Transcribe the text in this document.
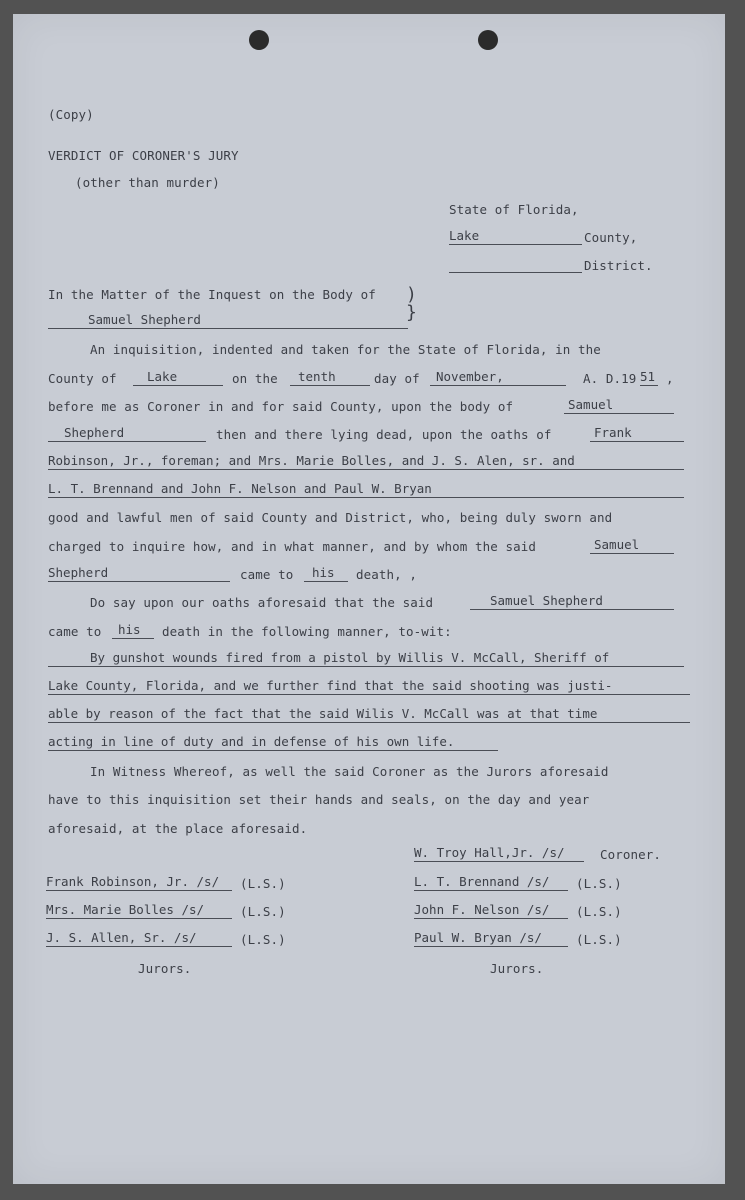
(Copy)
VERDICT OF CORONER'S JURY
(other than murder)
State of Florida,
Lake	County,
District.
In the Matter of the Inquest on the Body of
Samuel Shepherd
)
}
An inquisition, indented and taken for the State of Florida, in the
County of	Lake	on the	tenth	day of	November,	A. D.19 51 ,
before me as Coroner in and for said County, upon the body of	Samuel
Shepherd	then and there lying dead, upon the oaths of	Frank
Robinson, Jr., foreman; and Mrs. Marie Bolles, and J. S. Alen, sr. and
L. T. Brennand and John F. Nelson and Paul W. Bryan
good and lawful men of said County and District, who, being duly sworn and
charged to inquire how, and in what manner, and by whom the said	Samuel
Shepherd	came to	his	death, ,
Do say upon our oaths aforesaid that the said	Samuel Shepherd
came to	his	death in the following manner, to-wit:
By gunshot wounds fired from a pistol by Willis V. McCall, Sheriff of
Lake County, Florida, and we further find that the said shooting was justi-
able by reason of the fact that the said Wilis V. McCall was at that time
acting in line of duty and in defense of his own life.
In Witness Whereof, as well the said Coroner as the Jurors aforesaid
have to this inquisition set their hands and seals, on the day and year
aforesaid, at the place aforesaid.
W. Troy Hall,Jr. /s/	Coroner.
Frank Robinson, Jr. /s/	(L.S.)
Mrs. Marie Bolles /s/	(L.S.)
J. S. Allen, Sr. /s/	(L.S.)
Jurors.
L. T. Brennand /s/	(L.S.)
John F. Nelson /s/	(L.S.)
Paul W. Bryan /s/	(L.S.)
Jurors.
